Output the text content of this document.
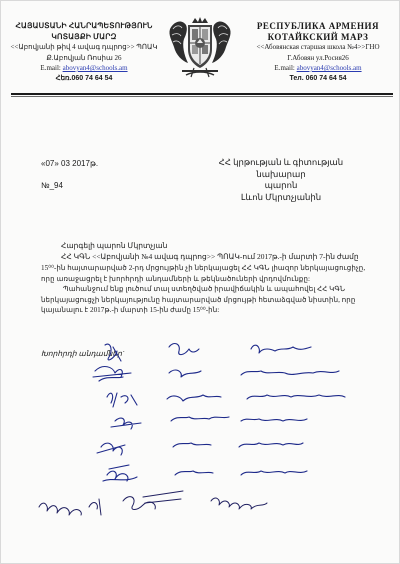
ՀԱՅԱՍՏԱՆԻ ՀԱՆՐԱՊԵՏՈՒԹՅՈՒՆ
ԿՈՏԱՅՔԻ ՄԱՐԶ
<<Աբովյանի թիվ 4 ավագ դպրոց>> ՊՈԱԿ
Ք.Աբովյան Ռոսիա 26
E.mail: abovyan4@schools.am
Հեռ.060 74 64 54
РЕСПУБЛИКА АРМЕНИЯ
КОТАЙКСКИЙ МАРЗ
<<Абовянская старшая школа №4>>ГНО
Г.Абовян ул.Росия26
E.mail: abovyan4@schools.am
Тел. 060 74 64 54
«07» 03 2017թ.
№_94
ՀՀ կրթության և գիտության
նախարար
պարոն
Լևոն Մկրտչյանին
Հարգելի պարոն Մկրտչյան
ՀՀ ԿԳՆ <<Աբովյանի №4 ավագ դպրոց>> ՊՈԱԿ-ում 2017թ.-ի մարտի 7-ին ժամը

15⁰⁰-ին հայտարարված 2-րդ մրցույթին չի ներկայացել ՀՀ ԿԳՆ լիազոր ներկայացուցիչը, որը առաջացրել է խորհրդի անդամների և թեկնածուների վրդովմունքը:

Պահանջում ենք լուծում տալ ստեղծված իրավիճակին և ապահովել ՀՀ ԿԳՆ ներկայացուցչի ներկայությունը հայտարարված մրցույթի հետաձգված նիստին, որը կայանալու է 2017թ.-ի մարտի 15-ին ժամը 15⁰⁰-ին:

Խորհրդի անդամներ`
